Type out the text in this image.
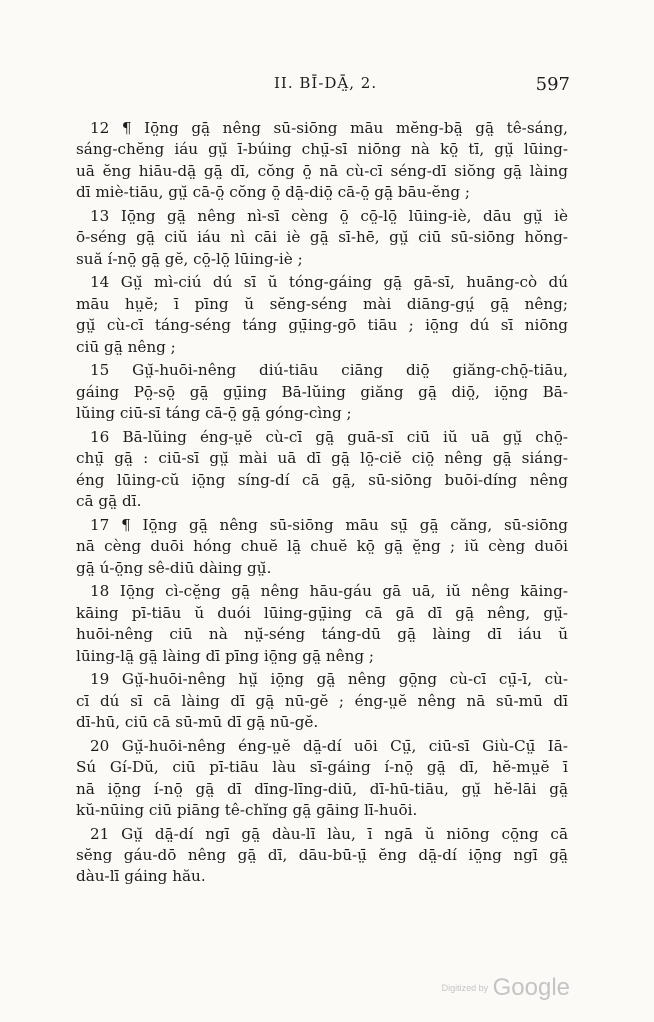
II. BĪ-DĀ̤, 2.	597
12 ¶ Iō̤ng gā̤ nêng sū-siōng māu mĕng-bā̤ gā̤ tê-sáng,
sáng-chĕng iáu gṳ̆ ī-búing chṳ̄-sī niōng nà kō̤ tī, gṳ̆ lūing-
uā ĕng hiāu-dā̤ gā̤ dī, cŏng ō̤ nā cù-cī séng-dī siŏng gā̤ làing
dī miè-tiāu, gṳ̆ cā-ō̤ cŏng ō̤ dā̤-diō̤ cā-ō̤ gā̤ bāu-ĕng ;
13 Iō̤ng gā̤ nêng nì-sī cèng ō̤ cō̤-lō̤ lūing-iè, dāu gṳ̆ iè
ō-séng gā̤ ciŭ iáu nì cāi iè gā̤ sī-hē, gṳ̆ ciū sū-siōng hŏng-
suă í-nō̤ gā̤ gĕ, cō̤-lō̤ lūing-iè ;
14 Gṳ̆ mì-ciú dú sī ŭ tóng-gáing gā̤ gā-sī, huāng-cò dú
māu hṳĕ; ī pīng ŭ sĕng-séng mài diāng-gṳ́ gā̤ nêng;
gṳ̆ cù-cī táng-séng táng gṳ̄ing-gō tiāu ; iō̤ng dú sī niōng
ciū gā̤ nêng ;
15 Gṳ̆-huōi-nêng diú-tiāu ciāng diō̤ giăng-chō̤-tiāu,
gáing Pō̤-sō̤ gā̤ gṳ̄ing Bā-lŭing giăng gā̤ diō̤, iō̤ng Bā-
lŭing ciū-sī táng cā-ō̤ gā̤ góng-cìng ;
16 Bā-lŭing éng-ṳĕ cù-cī gā̤ guā-sī ciū iŭ uā gṳ̆ chō̤-
chṳ̄ gā̤ : ciū-sī gṳ̆ mài uā dī gā̤ lō̤-ciĕ ciō̤ nêng gā̤ siáng-
éng lūing-cŭ iō̤ng síng-dí cā gā̤, sū-siōng buōi-díng nêng
cā gā̤ dī.
17 ¶ Iō̤ng gā̤ nêng sū-siōng māu sṳ̄ gā̤ căng, sū-siōng
nā cèng duōi hóng chuĕ lā̤ chuĕ kō̤ gā̤ ĕ̤ng ; iŭ cèng duōi
gā̤ ú-ō̤ng sê-diū dàing gṳ̆.
18 Iō̤ng cì-cĕ̤ng gā̤ nêng hāu-gáu gā uā, iŭ nêng kāing-
kāing pī-tiāu ŭ duói lūing-gṳ̄ing cā gā dī gā̤ nêng, gṳ̆-
huōi-nêng ciū nà nṳ̆-séng táng-dū gā̤ làing dī iáu ŭ
lūing-lā̤ gā̤ làing dī pīng iō̤ng gā̤ nêng ;
19 Gṳ̆-huōi-nêng hṳ̆ iō̤ng gā̤ nêng gō̤ng cù-cī cṳ̄-ī, cù-
cī dú sī cā làing dī gā̤ nū-gĕ ; éng-ṳĕ nêng nā sū-mū dī
dī-hū, ciū cā sū-mū dī gā̤ nū-gĕ.
20 Gṳ̆-huōi-nêng éng-ṳĕ dā̤-dí uōi Cṳ̄, ciū-sī Giù-Cṳ̄ Iā-
Sú Gí-Dŭ, ciū pī-tiāu làu sī-gáing í-nō̤ gā̤ dī, hĕ-mṳĕ ī
nā iō̤ng í-nō̤ gā̤ dī dīng-līng-diū, dī-hū-tiāu, gṳ̆ hĕ-lāi gā̤
kŭ-nūing ciū piāng tê-chĭng gā̤ gāing lī-huōi.
21 Gṳ̆ dā̤-dí ngī gā̤ dàu-lī làu, ī ngā ŭ niōng cō̤ng cā
sĕng gáu-dō nêng gā̤ dī, dāu-bū-ṳ̄ ĕng dā̤-dí iō̤ng ngī gā̤
dàu-lī gáing hău.
Digitized by Google
